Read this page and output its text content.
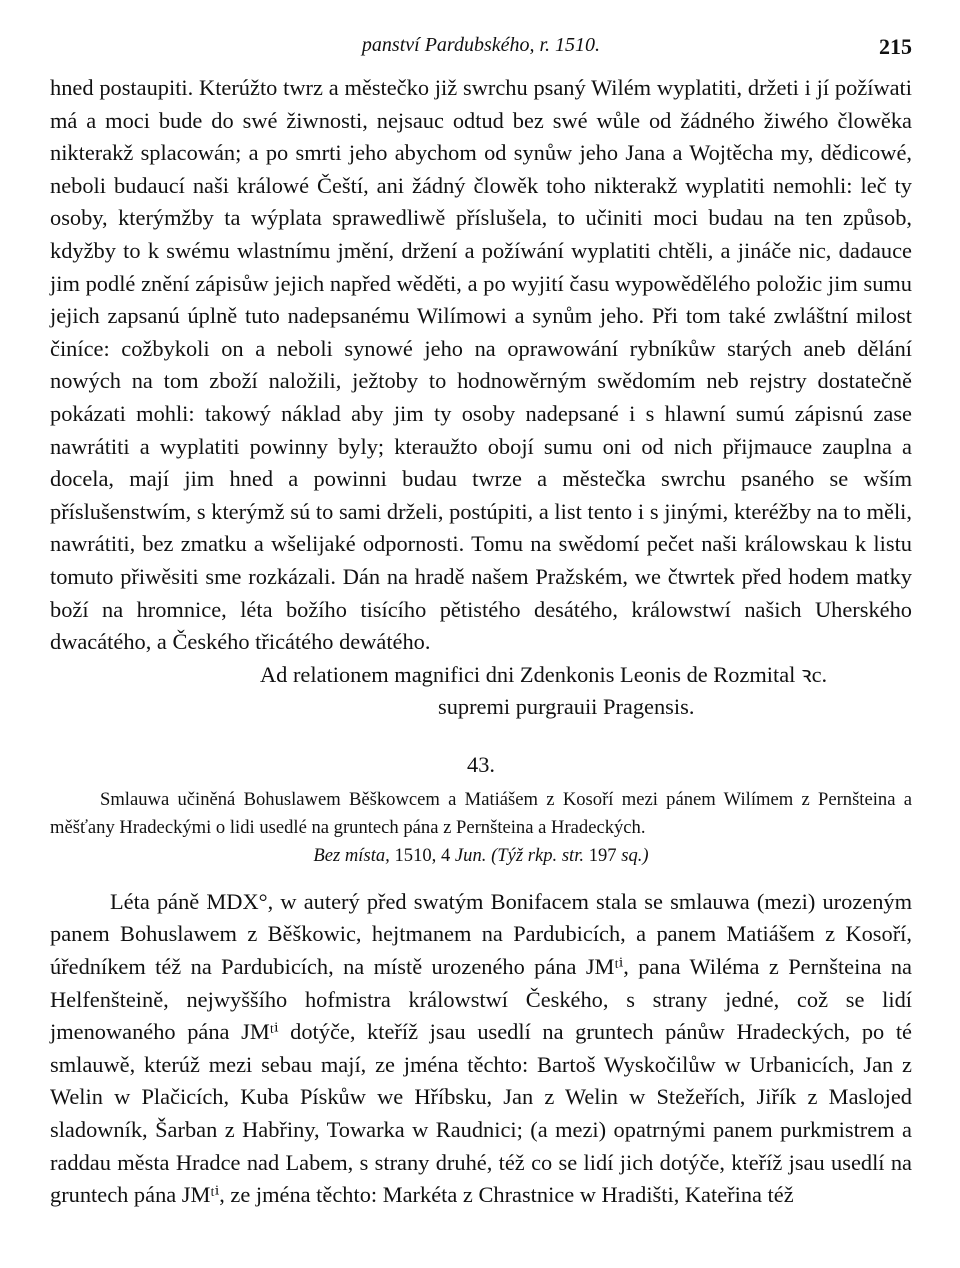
panství Pardubského, r. 1510.	215

hned postaupiti. Kterúžto twrz a městečko již swrchu psaný Wilém wyplatiti, držeti i jí požíwati má a moci bude do swé žiwnosti, nejsauc odtud bez swé wůle od žádného žiwého člowěka nikterakž splacowán; a po smrti jeho abychom od synůw jeho Jana a Wojtěcha my, dědicowé, neboli budaucí naši králowé Čeští, ani žádný člowěk toho nikterakž wyplatiti nemohli: leč ty osoby, kterýmžby ta wýplata sprawedliwě příslušela, to učiniti moci budau na ten způsob, kdyžby to k swému wlastnímu jmění, držení a požíwání wyplatiti chtěli, a jináče nic, dadauce jim podlé znění zápisůw jejich napřed wěděti, a po wyjití času wypowědělého položic jim sumu jejich zapsanú úplně tuto nadepsanému Wilímowi a synům jeho. Při tom také zwláštní milost činíce: cožbykoli on a neboli synowé jeho na oprawowání rybníkůw starých aneb dělání nowých na tom zboží naložili, ježtoby to hodnowěrným swědomím neb rejstry dostatečně pokázati mohli: takowý náklad aby jim ty osoby nadepsané i s hlawní sumú zápisnú zase nawrátiti a wyplatiti powinny byly; kteraužto obojí sumu oni od nich přijmauce zauplna a docela, mají jim hned a powinni budau twrze a městečka swrchu psaného se wším příslušenstwím, s kterýmž sú to sami drželi, postúpiti, a list tento i s jinými, kteréžby na to měli, nawrátiti, bez zmatku a wšelijaké odpornosti. Tomu na swědomí pečet naši králowskau k listu tomuto přiwěsiti sme rozkázali. Dán na hradě našem Pražském, we čtwrtek před hodem matky boží na hromnice, léta božího tisícího pětistého desátého, králowstwí našich Uherského dwacátého, a Českého třicátého dewátého.

Ad relationem magnifici dni Zdenkonis Leonis de Rozmital ꝛc.

supremi purgrauii Pragensis.

43.

Smlauwa učiněná Bohuslawem Běškowcem a Matiášem z Kosoří mezi pánem Wilímem z Pernšteina a měšťany Hradeckými o lidi usedlé na gruntech pána z Pernšteina a Hradeckých.

Bez místa, 1510, 4 Jun. (Týž rkp. str. 197 sq.)

Léta páně MDX°, w auterý před swatým Bonifacem stala se smlauwa (mezi) urozeným panem Bohuslawem z Běškowic, hejtmanem na Pardubicích, a panem Matiášem z Kosoří, úředníkem též na Pardubicích, na místě urozeného pána JMᵗⁱ, pana Wiléma z Pernšteina na Helfenšteině, nejwyššího hofmistra králowstwí Českého, s strany jedné, což se lidí jmenowaného pána JMᵗⁱ dotýče, kteříž jsau usedlí na gruntech pánůw Hradeckých, po té smlauwě, kterúž mezi sebau mají, ze jména těchto: Bartoš Wyskočilůw w Urbanicích, Jan z Welin w Plačicích, Kuba Pískůw we Hříbsku, Jan z Welin w Stežeřích, Jiřík z Maslojed sladowník, Šarban z Habřiny, Towarka w Raudnici; (a mezi) opatrnými panem purkmistrem a raddau města Hradce nad Labem, s strany druhé, též co se lidí jich dotýče, kteříž jsau usedlí na gruntech pána JMᵗⁱ, ze jména těchto: Markéta z Chrastnice w Hradišti, Kateřina též
